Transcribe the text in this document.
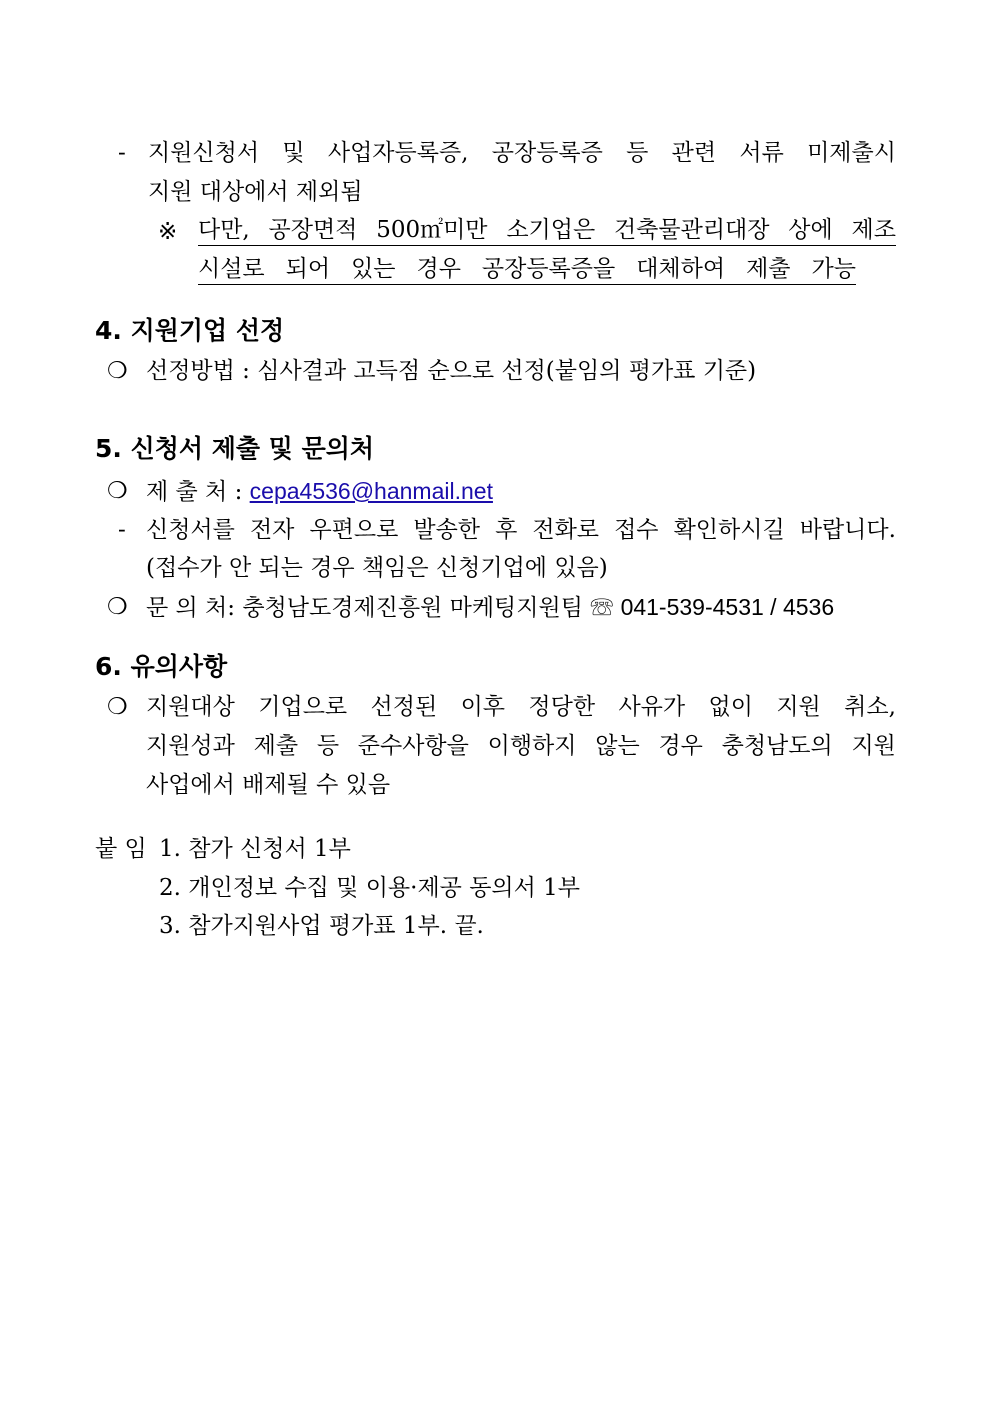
- 지원신청서 및 사업자등록증, 공장등록증 등 관련 서류 미제출시
지원 대상에서 제외됨
※ 다만, 공장면적 500㎡미만 소기업은 건축물관리대장 상에 제조
시설로 되어 있는 경우 공장등록증을 대체하여 제출 가능
4. 지원기업 선정
❍ 선정방법 : 심사결과 고득점 순으로 선정(붙임의 평가표 기준)
5. 신청서 제출 및 문의처
❍ 제 출 처 : cepa4536@hanmail.net
- 신청서를 전자 우편으로 발송한 후 전화로 접수 확인하시길 바랍니다.
(접수가 안 되는 경우 책임은 신청기업에 있음)
❍ 문 의 처: 충청남도경제진흥원 마케팅지원팀 ☏ 041-539-4531 / 4536
6. 유의사항
❍ 지원대상 기업으로 선정된 이후 정당한 사유가 없이 지원 취소,
지원성과 제출 등 준수사항을 이행하지 않는 경우 충청남도의 지원
사업에서 배제될 수 있음
붙 임 1. 참가 신청서 1부
2. 개인정보 수집 및 이용·제공 동의서 1부
3. 참가지원사업 평가표 1부. 끝.
